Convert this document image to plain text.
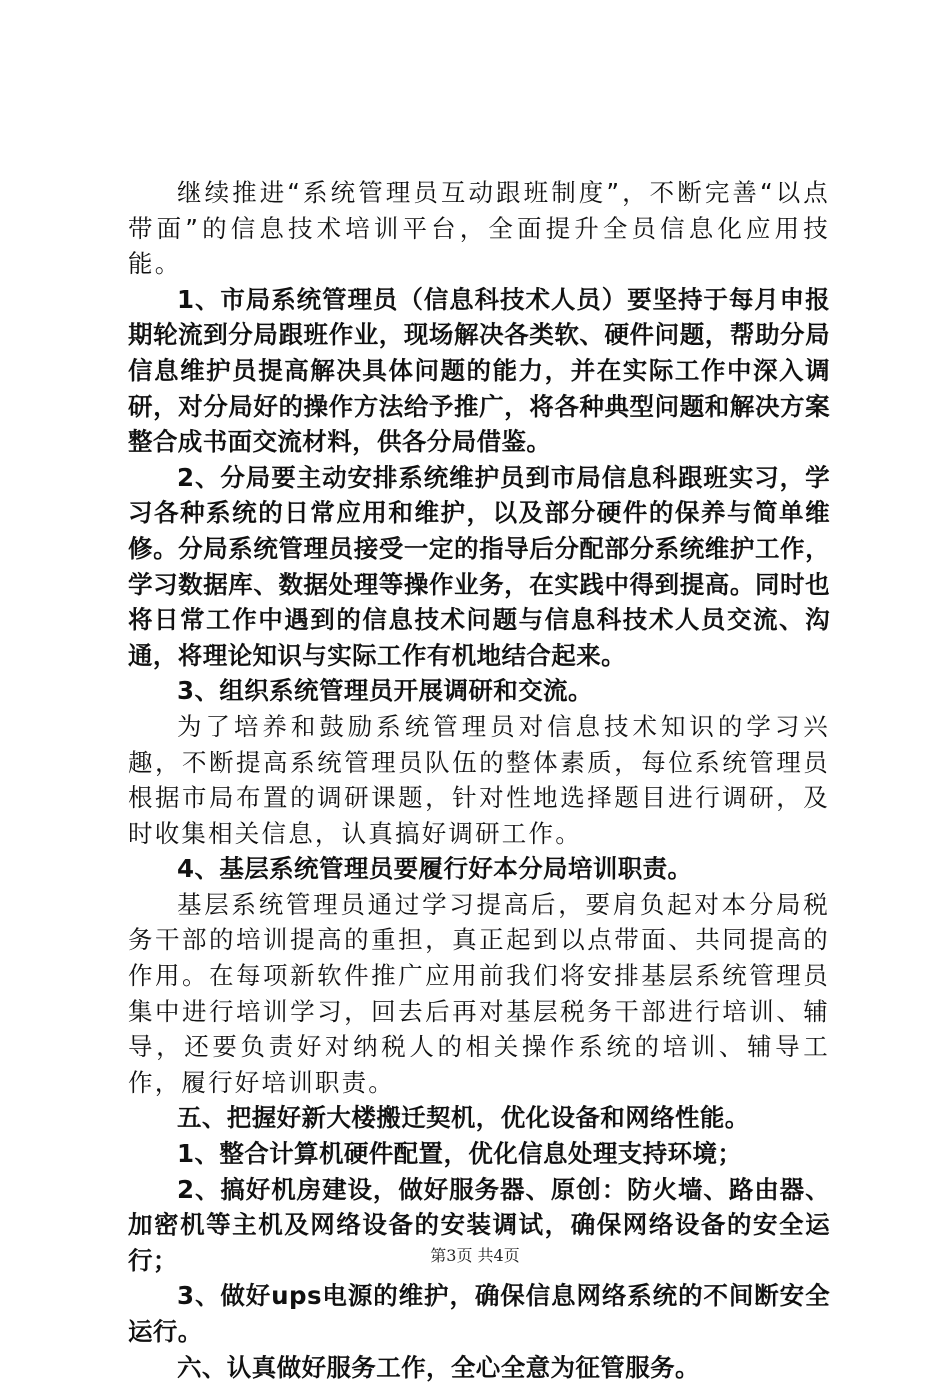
继续推进“系统管理员互动跟班制度”，不断完善“以点带面”的信息技术培训平台，全面提升全员信息化应用技能。

1、市局系统管理员（信息科技术人员）要坚持于每月申报期轮流到分局跟班作业，现场解决各类软、硬件问题，帮助分局信息维护员提高解决具体问题的能力，并在实际工作中深入调研，对分局好的操作方法给予推广，将各种典型问题和解决方案整合成书面交流材料，供各分局借鉴。

2、分局要主动安排系统维护员到市局信息科跟班实习，学习各种系统的日常应用和维护，以及部分硬件的保养与简单维修。分局系统管理员接受一定的指导后分配部分系统维护工作，学习数据库、数据处理等操作业务，在实践中得到提高。同时也将日常工作中遇到的信息技术问题与信息科技术人员交流、沟通，将理论知识与实际工作有机地结合起来。

3、组织系统管理员开展调研和交流。

为了培养和鼓励系统管理员对信息技术知识的学习兴趣，不断提高系统管理员队伍的整体素质，每位系统管理员根据市局布置的调研课题，针对性地选择题目进行调研，及时收集相关信息，认真搞好调研工作。

4、基层系统管理员要履行好本分局培训职责。

基层系统管理员通过学习提高后，要肩负起对本分局税务干部的培训提高的重担，真正起到以点带面、共同提高的作用。在每项新软件推广应用前我们将安排基层系统管理员集中进行培训学习，回去后再对基层税务干部进行培训、辅导，还要负责好对纳税人的相关操作系统的培训、辅导工作，履行好培训职责。

五、把握好新大楼搬迁契机，优化设备和网络性能。

1、整合计算机硬件配置，优化信息处理支持环境；

2、搞好机房建设，做好服务器、原创：防火墙、路由器、加密机等主机及网络设备的安装调试，确保网络设备的安全运行；

3、做好ups电源的维护，确保信息网络系统的不间断安全运行。

六、认真做好服务工作，全心全意为征管服务。

第3页 共4页
